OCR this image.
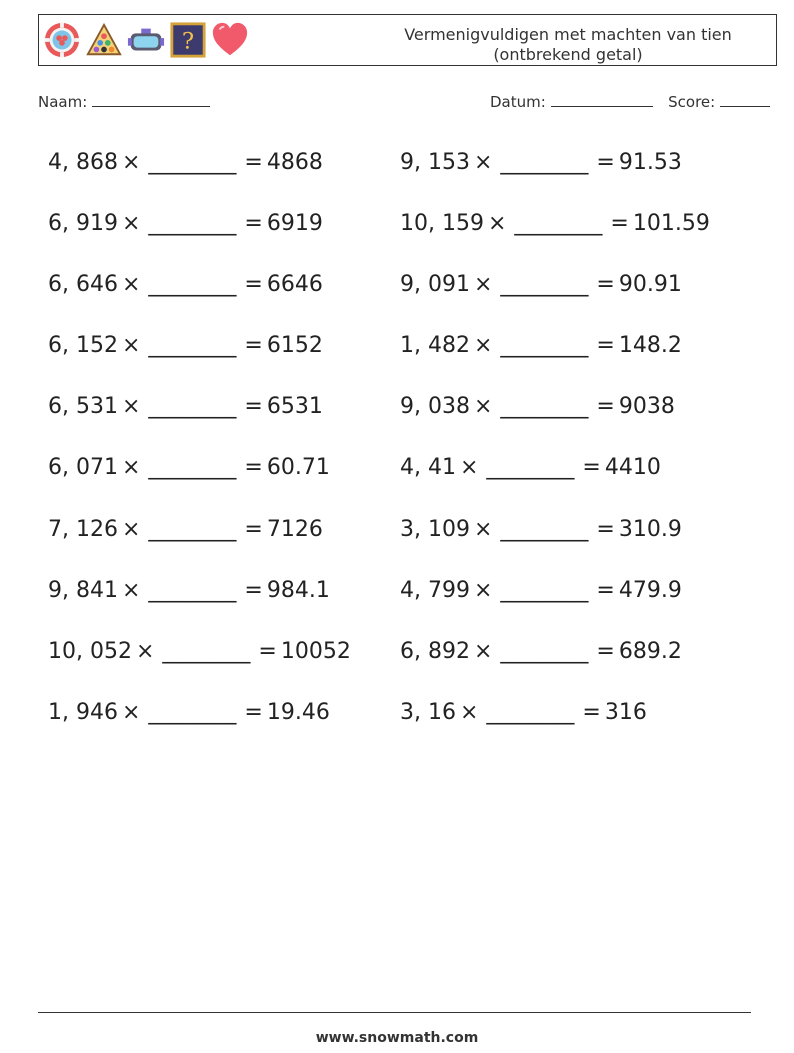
?	Vermenigvuldigen met machten van tien
(ontbrekend getal)
Naam:	Datum:	Score:
4, 868 × ________ = 4868
6, 919 × ________ = 6919
6, 646 × ________ = 6646
6, 152 × ________ = 6152
6, 531 × ________ = 6531
6, 071 × ________ = 60.71
7, 126 × ________ = 7126
9, 841 × ________ = 984.1
10, 052 × ________ = 10052
1, 946 × ________ = 19.46
9, 153 × ________ = 91.53
10, 159 × ________ = 101.59
9, 091 × ________ = 90.91
1, 482 × ________ = 148.2
9, 038 × ________ = 9038
4, 41 × ________ = 4410
3, 109 × ________ = 310.9
4, 799 × ________ = 479.9
6, 892 × ________ = 689.2
3, 16 × ________ = 316
www.snowmath.com
